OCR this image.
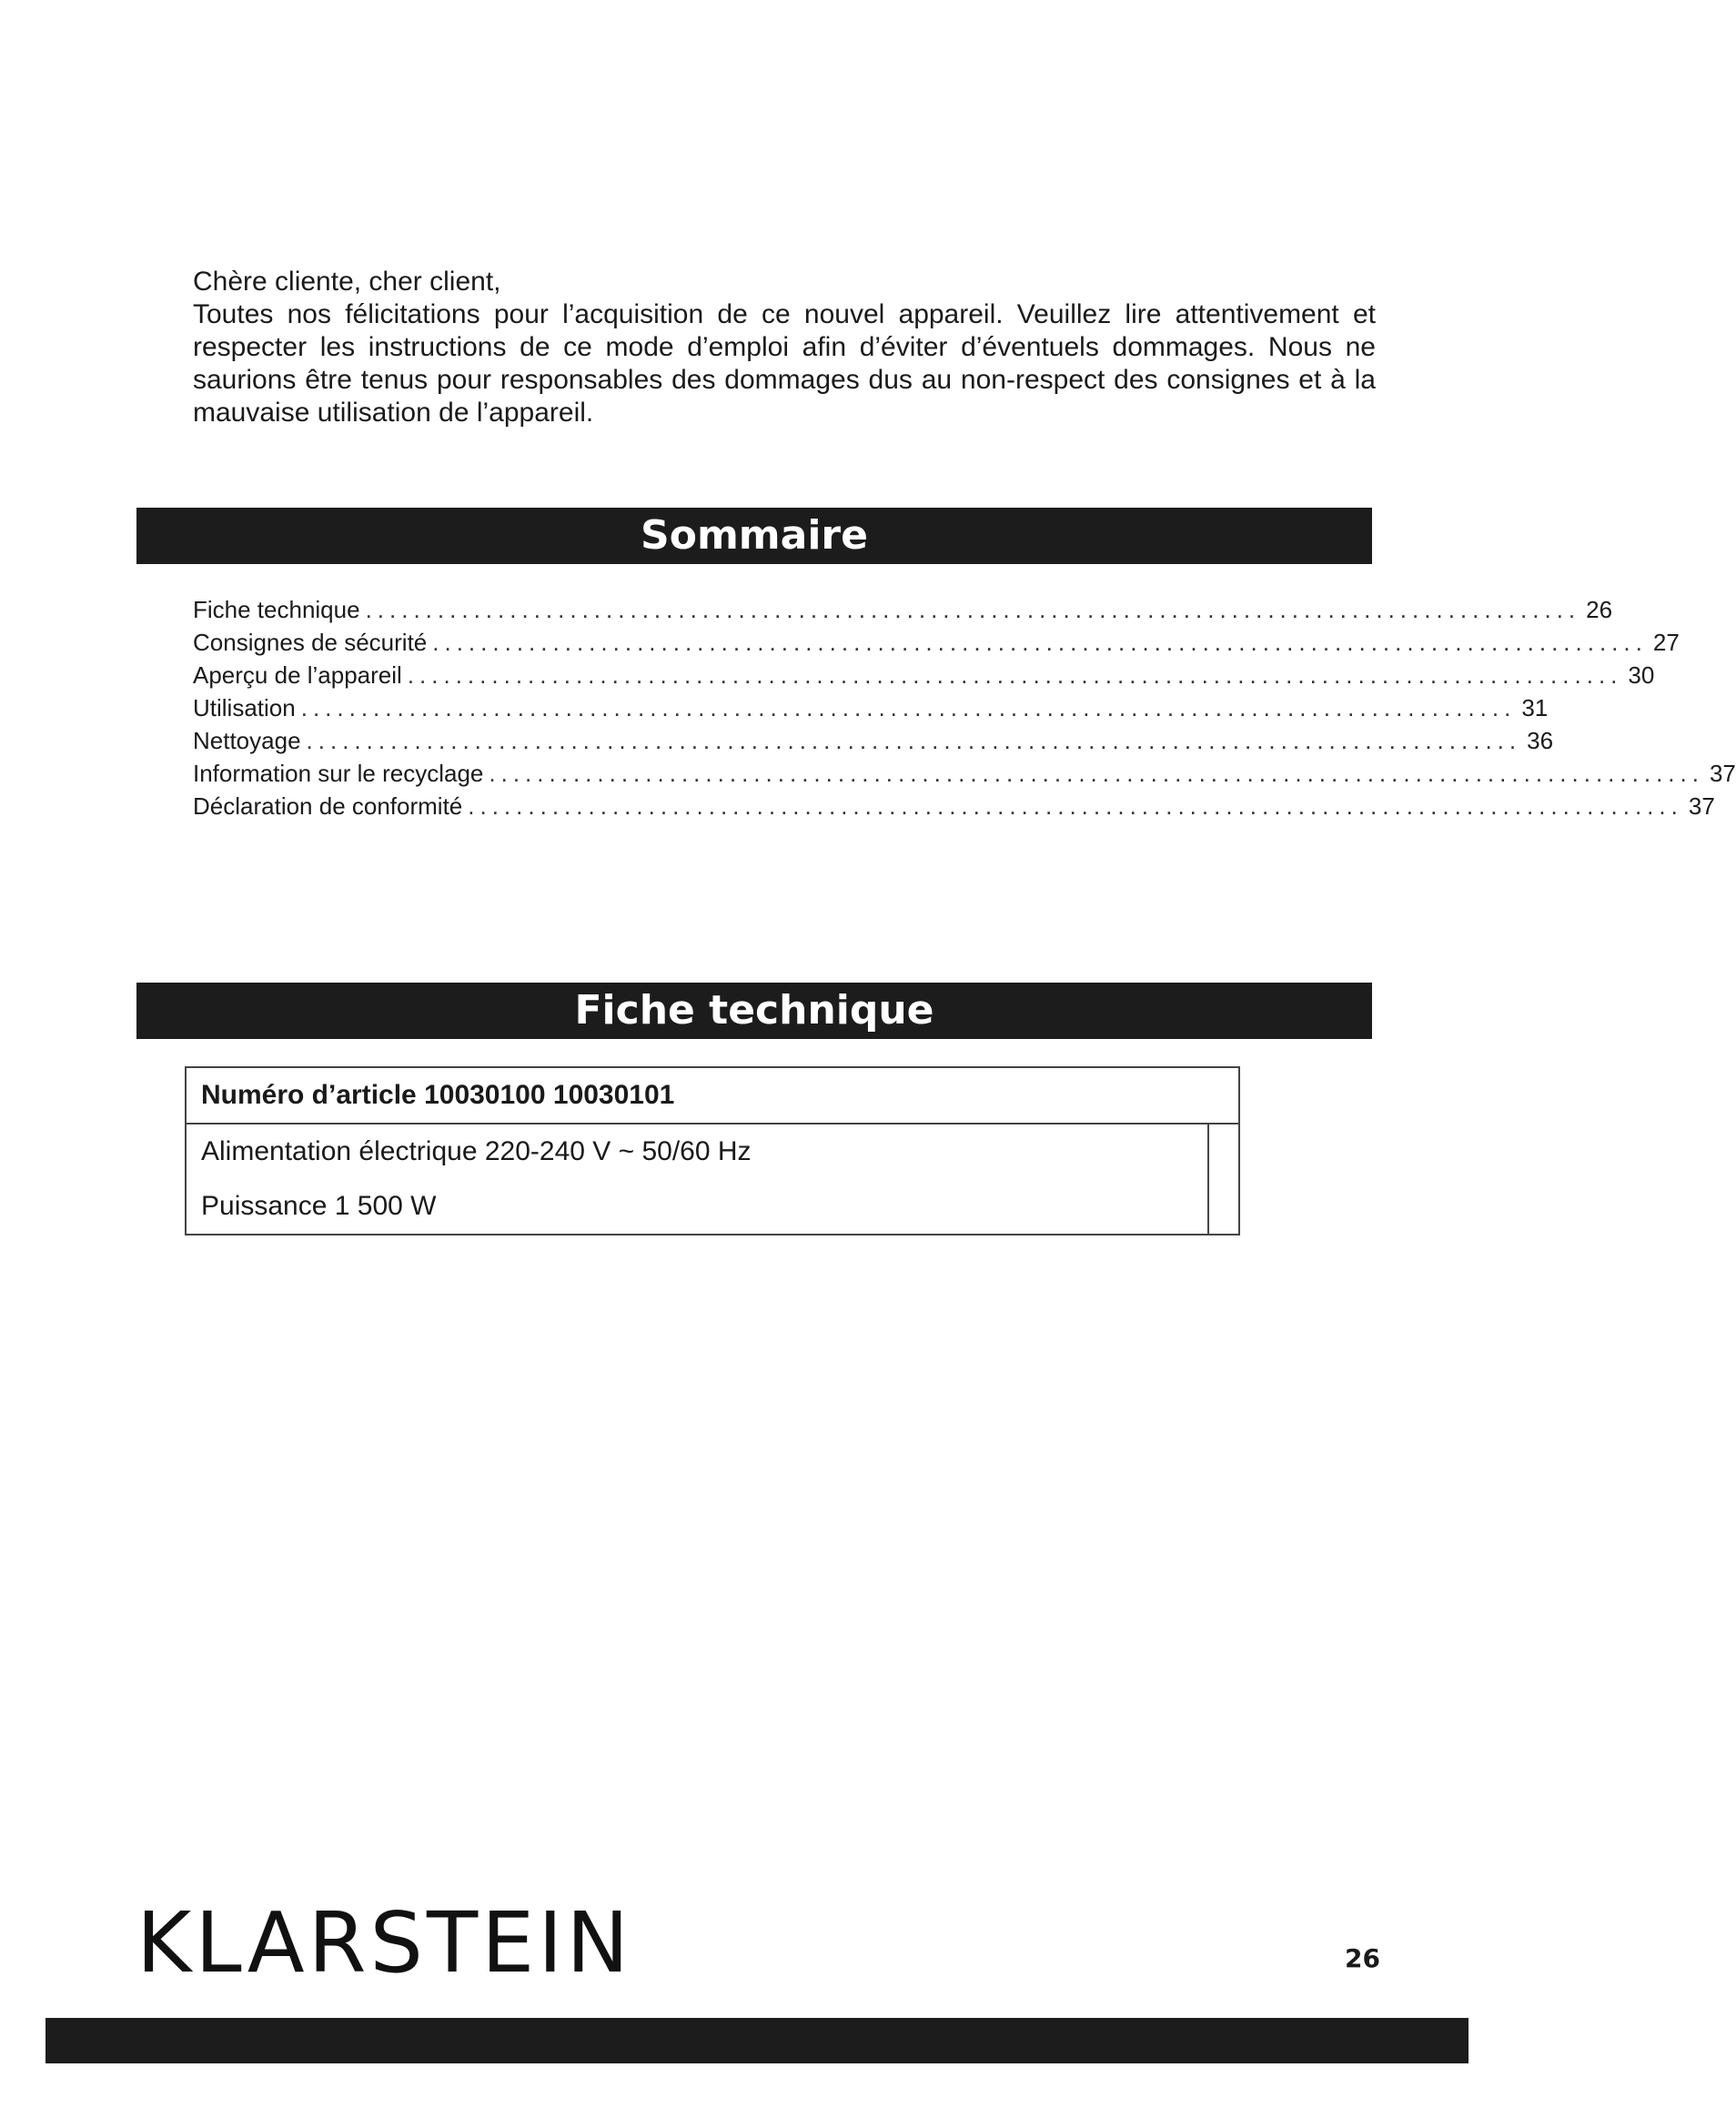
Chère cliente, cher client,

Toutes nos félicitations pour l’acquisition de ce nouvel appareil. Veuillez lire attentivement et respecter les instructions de ce mode d’emploi afin d’éviter d’éventuels dommages. Nous ne saurions être tenus pour responsables des dommages dus au non-respect des consignes et à la mauvaise utilisation de l’appareil.

Sommaire
Fiche technique ..................................................................................................... 26
Consignes de sécurité ..................................................................................................... 27
Aperçu de l’appareil ..................................................................................................... 30
Utilisation ..................................................................................................... 31
Nettoyage ..................................................................................................... 36
Information sur le recyclage ..................................................................................................... 37
Déclaration de conformité ..................................................................................................... 37
Fiche technique
Numéro d’article 10030100 10030101

Alimentation électrique 220-240 V ~ 50/60 Hz
Puissance 1 500 W

KLARSTEIN	26
